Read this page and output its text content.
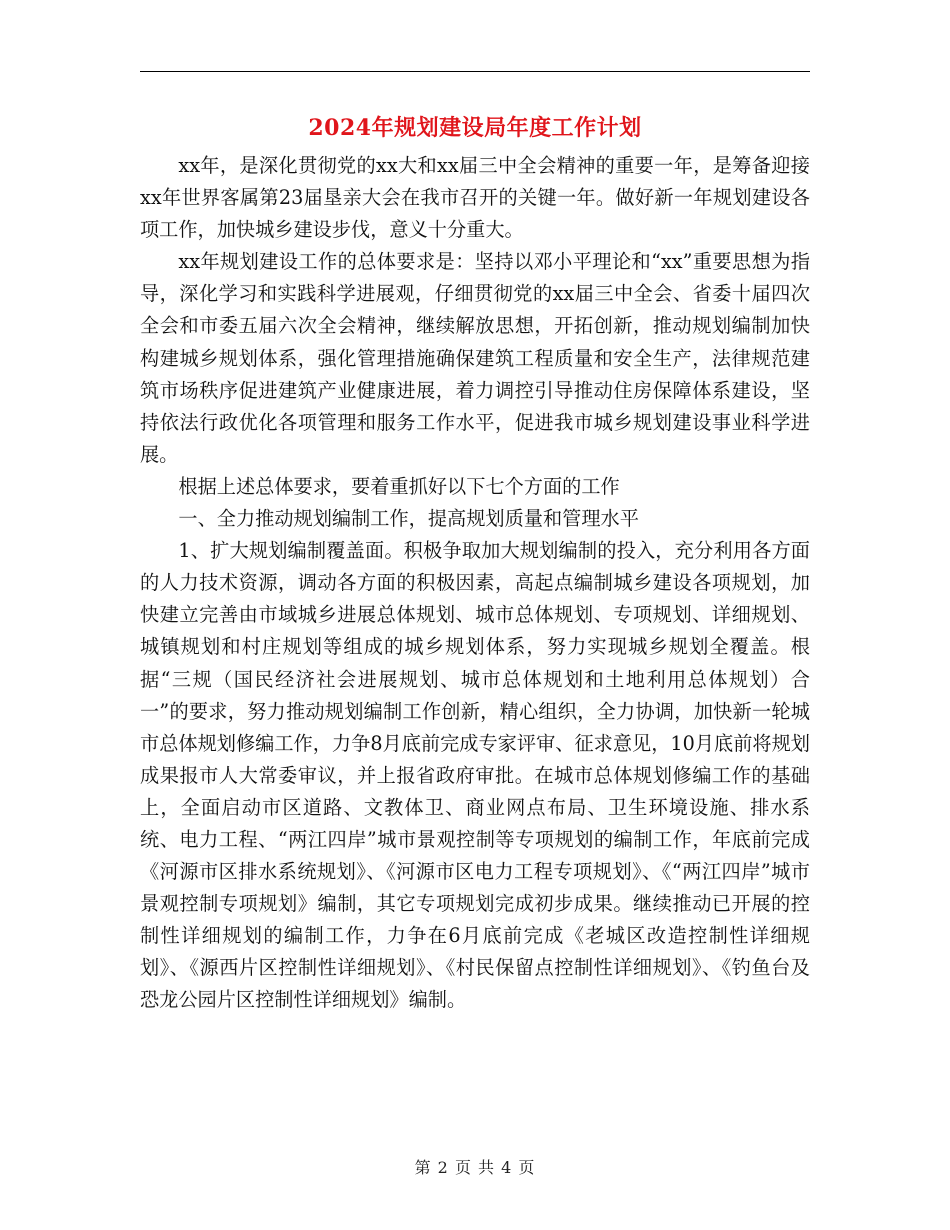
2024年规划建设局年度工作计划

xx年，是深化贯彻党的xx大和xx届三中全会精神的重要一年，是筹备迎接xx年世界客属第23届垦亲大会在我市召开的关键一年。做好新一年规划建设各项工作，加快城乡建设步伐，意义十分重大。

xx年规划建设工作的总体要求是：坚持以邓小平理论和“xx”重要思想为指导，深化学习和实践科学进展观，仔细贯彻党的xx届三中全会、省委十届四次全会和市委五届六次全会精神，继续解放思想，开拓创新，推动规划编制加快构建城乡规划体系，强化管理措施确保建筑工程质量和安全生产，法律规范建筑市场秩序促进建筑产业健康进展，着力调控引导推动住房保障体系建设，坚持依法行政优化各项管理和服务工作水平，促进我市城乡规划建设事业科学进展。

根据上述总体要求，要着重抓好以下七个方面的工作

一、全力推动规划编制工作，提高规划质量和管理水平

1、扩大规划编制覆盖面。积极争取加大规划编制的投入，充分利用各方面的人力技术资源，调动各方面的积极因素，高起点编制城乡建设各项规划，加快建立完善由市域城乡进展总体规划、城市总体规划、专项规划、详细规划、城镇规划和村庄规划等组成的城乡规划体系，努力实现城乡规划全覆盖。根据“三规（国民经济社会进展规划、城市总体规划和土地利用总体规划）合一”的要求，努力推动规划编制工作创新，精心组织，全力协调，加快新一轮城市总体规划修编工作，力争8月底前完成专家评审、征求意见，10月底前将规划成果报市人大常委审议，并上报省政府审批。在城市总体规划修编工作的基础上，全面启动市区道路、文教体卫、商业网点布局、卫生环境设施、排水系统、电力工程、“两江四岸”城市景观控制等专项规划的编制工作，年底前完成《河源市区排水系统规划》、《河源市区电力工程专项规划》、《“两江四岸”城市景观控制专项规划》编制，其它专项规划完成初步成果。继续推动已开展的控制性详细规划的编制工作，力争在6月底前完成《老城区改造控制性详细规划》、《源西片区控制性详细规划》、《村民保留点控制性详细规划》、《钓鱼台及恐龙公园片区控制性详细规划》编制。

第 2 页 共 4 页
